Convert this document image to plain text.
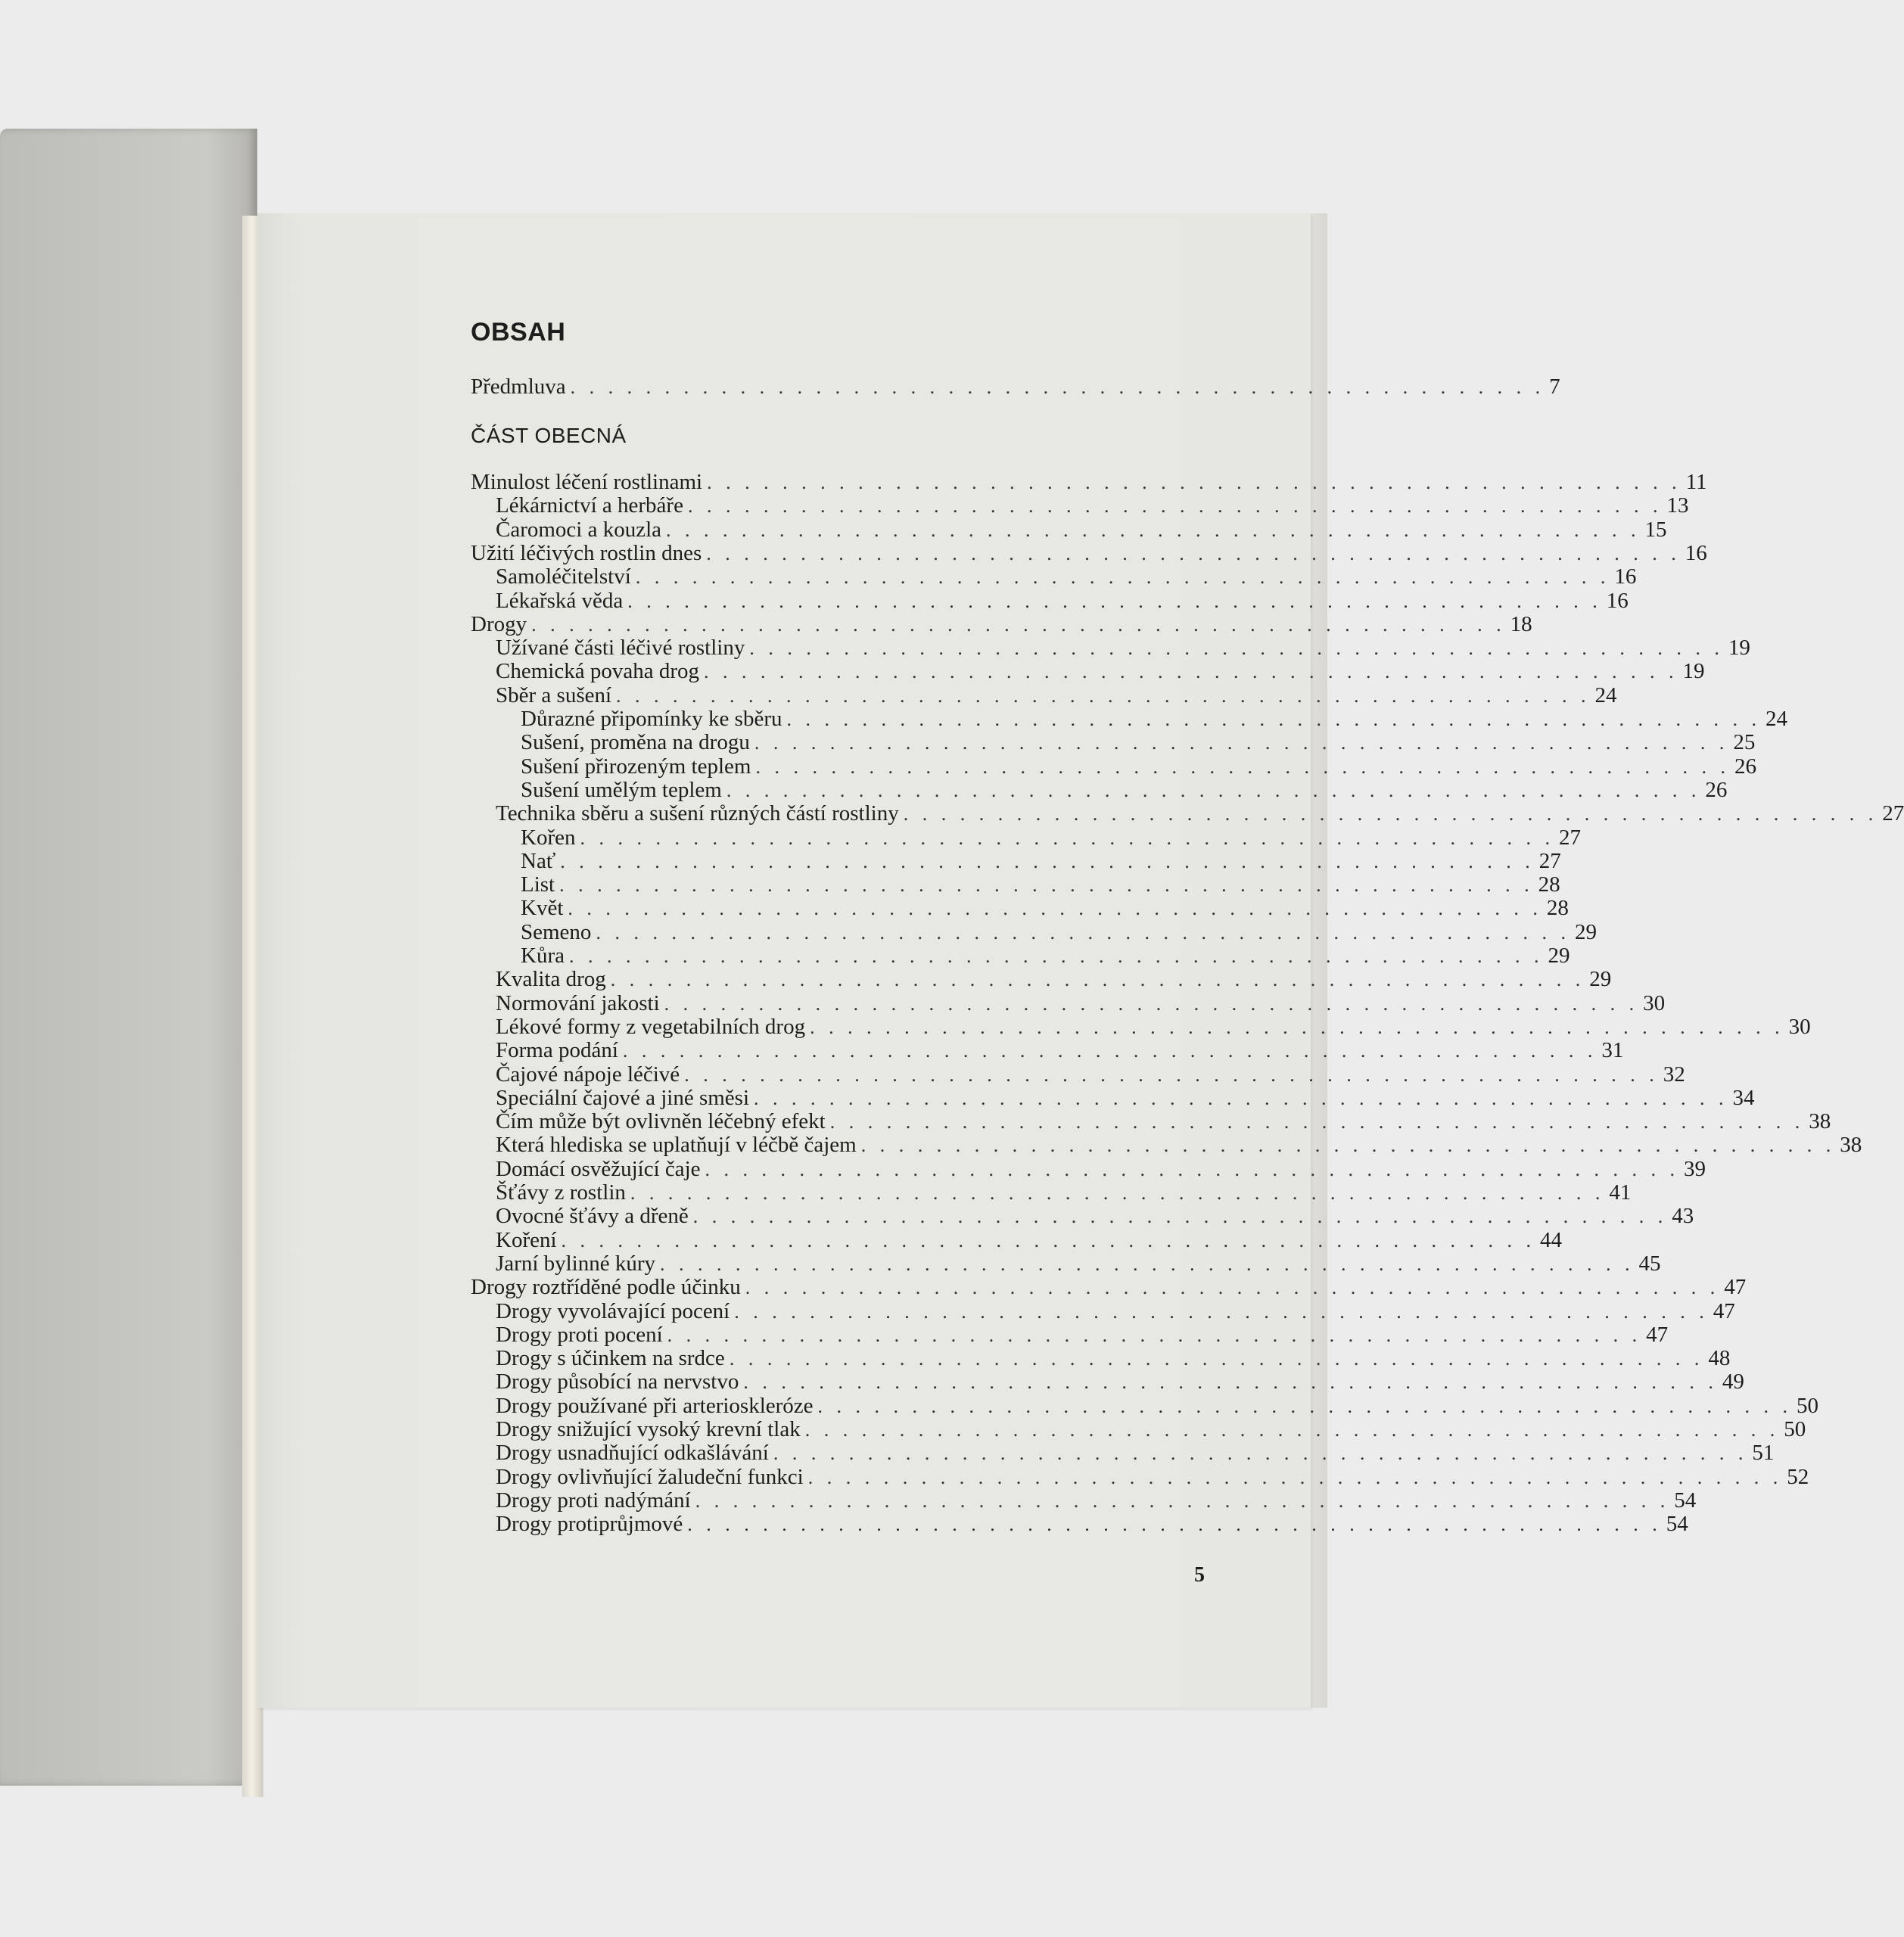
OBSAH
Předmluva . . . . . . . . . . . . . . . . . . . . . . . . . . . . . . . . . . . . . . . . . . . . . . . . . . . . 7
ČÁST OBECNÁ
Minulost léčení rostlinami . . . . . . . . . . . . . . . . . . . . . . . . . . . . . . . . . . . . . . . . . . . . . . . . . . . . 11
Lékárnictví a herbáře . . . . . . . . . . . . . . . . . . . . . . . . . . . . . . . . . . . . . . . . . . . . . . . . . . . . 13
Čaromoci a kouzla . . . . . . . . . . . . . . . . . . . . . . . . . . . . . . . . . . . . . . . . . . . . . . . . . . . . 15
Užití léčivých rostlin dnes . . . . . . . . . . . . . . . . . . . . . . . . . . . . . . . . . . . . . . . . . . . . . . . . . . . . 16
Samoléčitelství . . . . . . . . . . . . . . . . . . . . . . . . . . . . . . . . . . . . . . . . . . . . . . . . . . . . 16
Lékařská věda . . . . . . . . . . . . . . . . . . . . . . . . . . . . . . . . . . . . . . . . . . . . . . . . . . . . 16
Drogy . . . . . . . . . . . . . . . . . . . . . . . . . . . . . . . . . . . . . . . . . . . . . . . . . . . . 18
Užívané části léčivé rostliny . . . . . . . . . . . . . . . . . . . . . . . . . . . . . . . . . . . . . . . . . . . . . . . . . . . . 19
Chemická povaha drog . . . . . . . . . . . . . . . . . . . . . . . . . . . . . . . . . . . . . . . . . . . . . . . . . . . . 19
Sběr a sušení . . . . . . . . . . . . . . . . . . . . . . . . . . . . . . . . . . . . . . . . . . . . . . . . . . . . 24
Důrazné připomínky ke sběru . . . . . . . . . . . . . . . . . . . . . . . . . . . . . . . . . . . . . . . . . . . . . . . . . . . . 24
Sušení, proměna na drogu . . . . . . . . . . . . . . . . . . . . . . . . . . . . . . . . . . . . . . . . . . . . . . . . . . . . 25
Sušení přirozeným teplem . . . . . . . . . . . . . . . . . . . . . . . . . . . . . . . . . . . . . . . . . . . . . . . . . . . . 26
Sušení umělým teplem . . . . . . . . . . . . . . . . . . . . . . . . . . . . . . . . . . . . . . . . . . . . . . . . . . . . 26
Technika sběru a sušení různých částí rostliny . . . . . . . . . . . . . . . . . . . . . . . . . . . . . . . . . . . . . . . . . . . . . . . . . . . . 27
Kořen . . . . . . . . . . . . . . . . . . . . . . . . . . . . . . . . . . . . . . . . . . . . . . . . . . . . 27
Nať . . . . . . . . . . . . . . . . . . . . . . . . . . . . . . . . . . . . . . . . . . . . . . . . . . . . 27
List . . . . . . . . . . . . . . . . . . . . . . . . . . . . . . . . . . . . . . . . . . . . . . . . . . . . 28
Květ . . . . . . . . . . . . . . . . . . . . . . . . . . . . . . . . . . . . . . . . . . . . . . . . . . . . 28
Semeno . . . . . . . . . . . . . . . . . . . . . . . . . . . . . . . . . . . . . . . . . . . . . . . . . . . . 29
Kůra . . . . . . . . . . . . . . . . . . . . . . . . . . . . . . . . . . . . . . . . . . . . . . . . . . . . 29
Kvalita drog . . . . . . . . . . . . . . . . . . . . . . . . . . . . . . . . . . . . . . . . . . . . . . . . . . . . 29
Normování jakosti . . . . . . . . . . . . . . . . . . . . . . . . . . . . . . . . . . . . . . . . . . . . . . . . . . . . 30
Lékové formy z vegetabilních drog . . . . . . . . . . . . . . . . . . . . . . . . . . . . . . . . . . . . . . . . . . . . . . . . . . . . 30
Forma podání . . . . . . . . . . . . . . . . . . . . . . . . . . . . . . . . . . . . . . . . . . . . . . . . . . . . 31
Čajové nápoje léčivé . . . . . . . . . . . . . . . . . . . . . . . . . . . . . . . . . . . . . . . . . . . . . . . . . . . . 32
Speciální čajové a jiné směsi . . . . . . . . . . . . . . . . . . . . . . . . . . . . . . . . . . . . . . . . . . . . . . . . . . . . 34
Čím může být ovlivněn léčebný efekt . . . . . . . . . . . . . . . . . . . . . . . . . . . . . . . . . . . . . . . . . . . . . . . . . . . . 38
Která hlediska se uplatňují v léčbě čajem . . . . . . . . . . . . . . . . . . . . . . . . . . . . . . . . . . . . . . . . . . . . . . . . . . . . 38
Domácí osvěžující čaje . . . . . . . . . . . . . . . . . . . . . . . . . . . . . . . . . . . . . . . . . . . . . . . . . . . . 39
Šťávy z rostlin . . . . . . . . . . . . . . . . . . . . . . . . . . . . . . . . . . . . . . . . . . . . . . . . . . . . 41
Ovocné šťávy a dřeně . . . . . . . . . . . . . . . . . . . . . . . . . . . . . . . . . . . . . . . . . . . . . . . . . . . . 43
Koření . . . . . . . . . . . . . . . . . . . . . . . . . . . . . . . . . . . . . . . . . . . . . . . . . . . . 44
Jarní bylinné kúry . . . . . . . . . . . . . . . . . . . . . . . . . . . . . . . . . . . . . . . . . . . . . . . . . . . . 45
Drogy roztříděné podle účinku . . . . . . . . . . . . . . . . . . . . . . . . . . . . . . . . . . . . . . . . . . . . . . . . . . . . 47
Drogy vyvolávající pocení . . . . . . . . . . . . . . . . . . . . . . . . . . . . . . . . . . . . . . . . . . . . . . . . . . . . 47
Drogy proti pocení . . . . . . . . . . . . . . . . . . . . . . . . . . . . . . . . . . . . . . . . . . . . . . . . . . . . 47
Drogy s účinkem na srdce . . . . . . . . . . . . . . . . . . . . . . . . . . . . . . . . . . . . . . . . . . . . . . . . . . . . 48
Drogy působící na nervstvo . . . . . . . . . . . . . . . . . . . . . . . . . . . . . . . . . . . . . . . . . . . . . . . . . . . . 49
Drogy používané při arterioskleróze . . . . . . . . . . . . . . . . . . . . . . . . . . . . . . . . . . . . . . . . . . . . . . . . . . . . 50
Drogy snižující vysoký krevní tlak . . . . . . . . . . . . . . . . . . . . . . . . . . . . . . . . . . . . . . . . . . . . . . . . . . . . 50
Drogy usnadňující odkašlávání . . . . . . . . . . . . . . . . . . . . . . . . . . . . . . . . . . . . . . . . . . . . . . . . . . . . 51
Drogy ovlivňující žaludeční funkci . . . . . . . . . . . . . . . . . . . . . . . . . . . . . . . . . . . . . . . . . . . . . . . . . . . . 52
Drogy proti nadýmání . . . . . . . . . . . . . . . . . . . . . . . . . . . . . . . . . . . . . . . . . . . . . . . . . . . . 54
Drogy protiprůjmové . . . . . . . . . . . . . . . . . . . . . . . . . . . . . . . . . . . . . . . . . . . . . . . . . . . . 54
5
